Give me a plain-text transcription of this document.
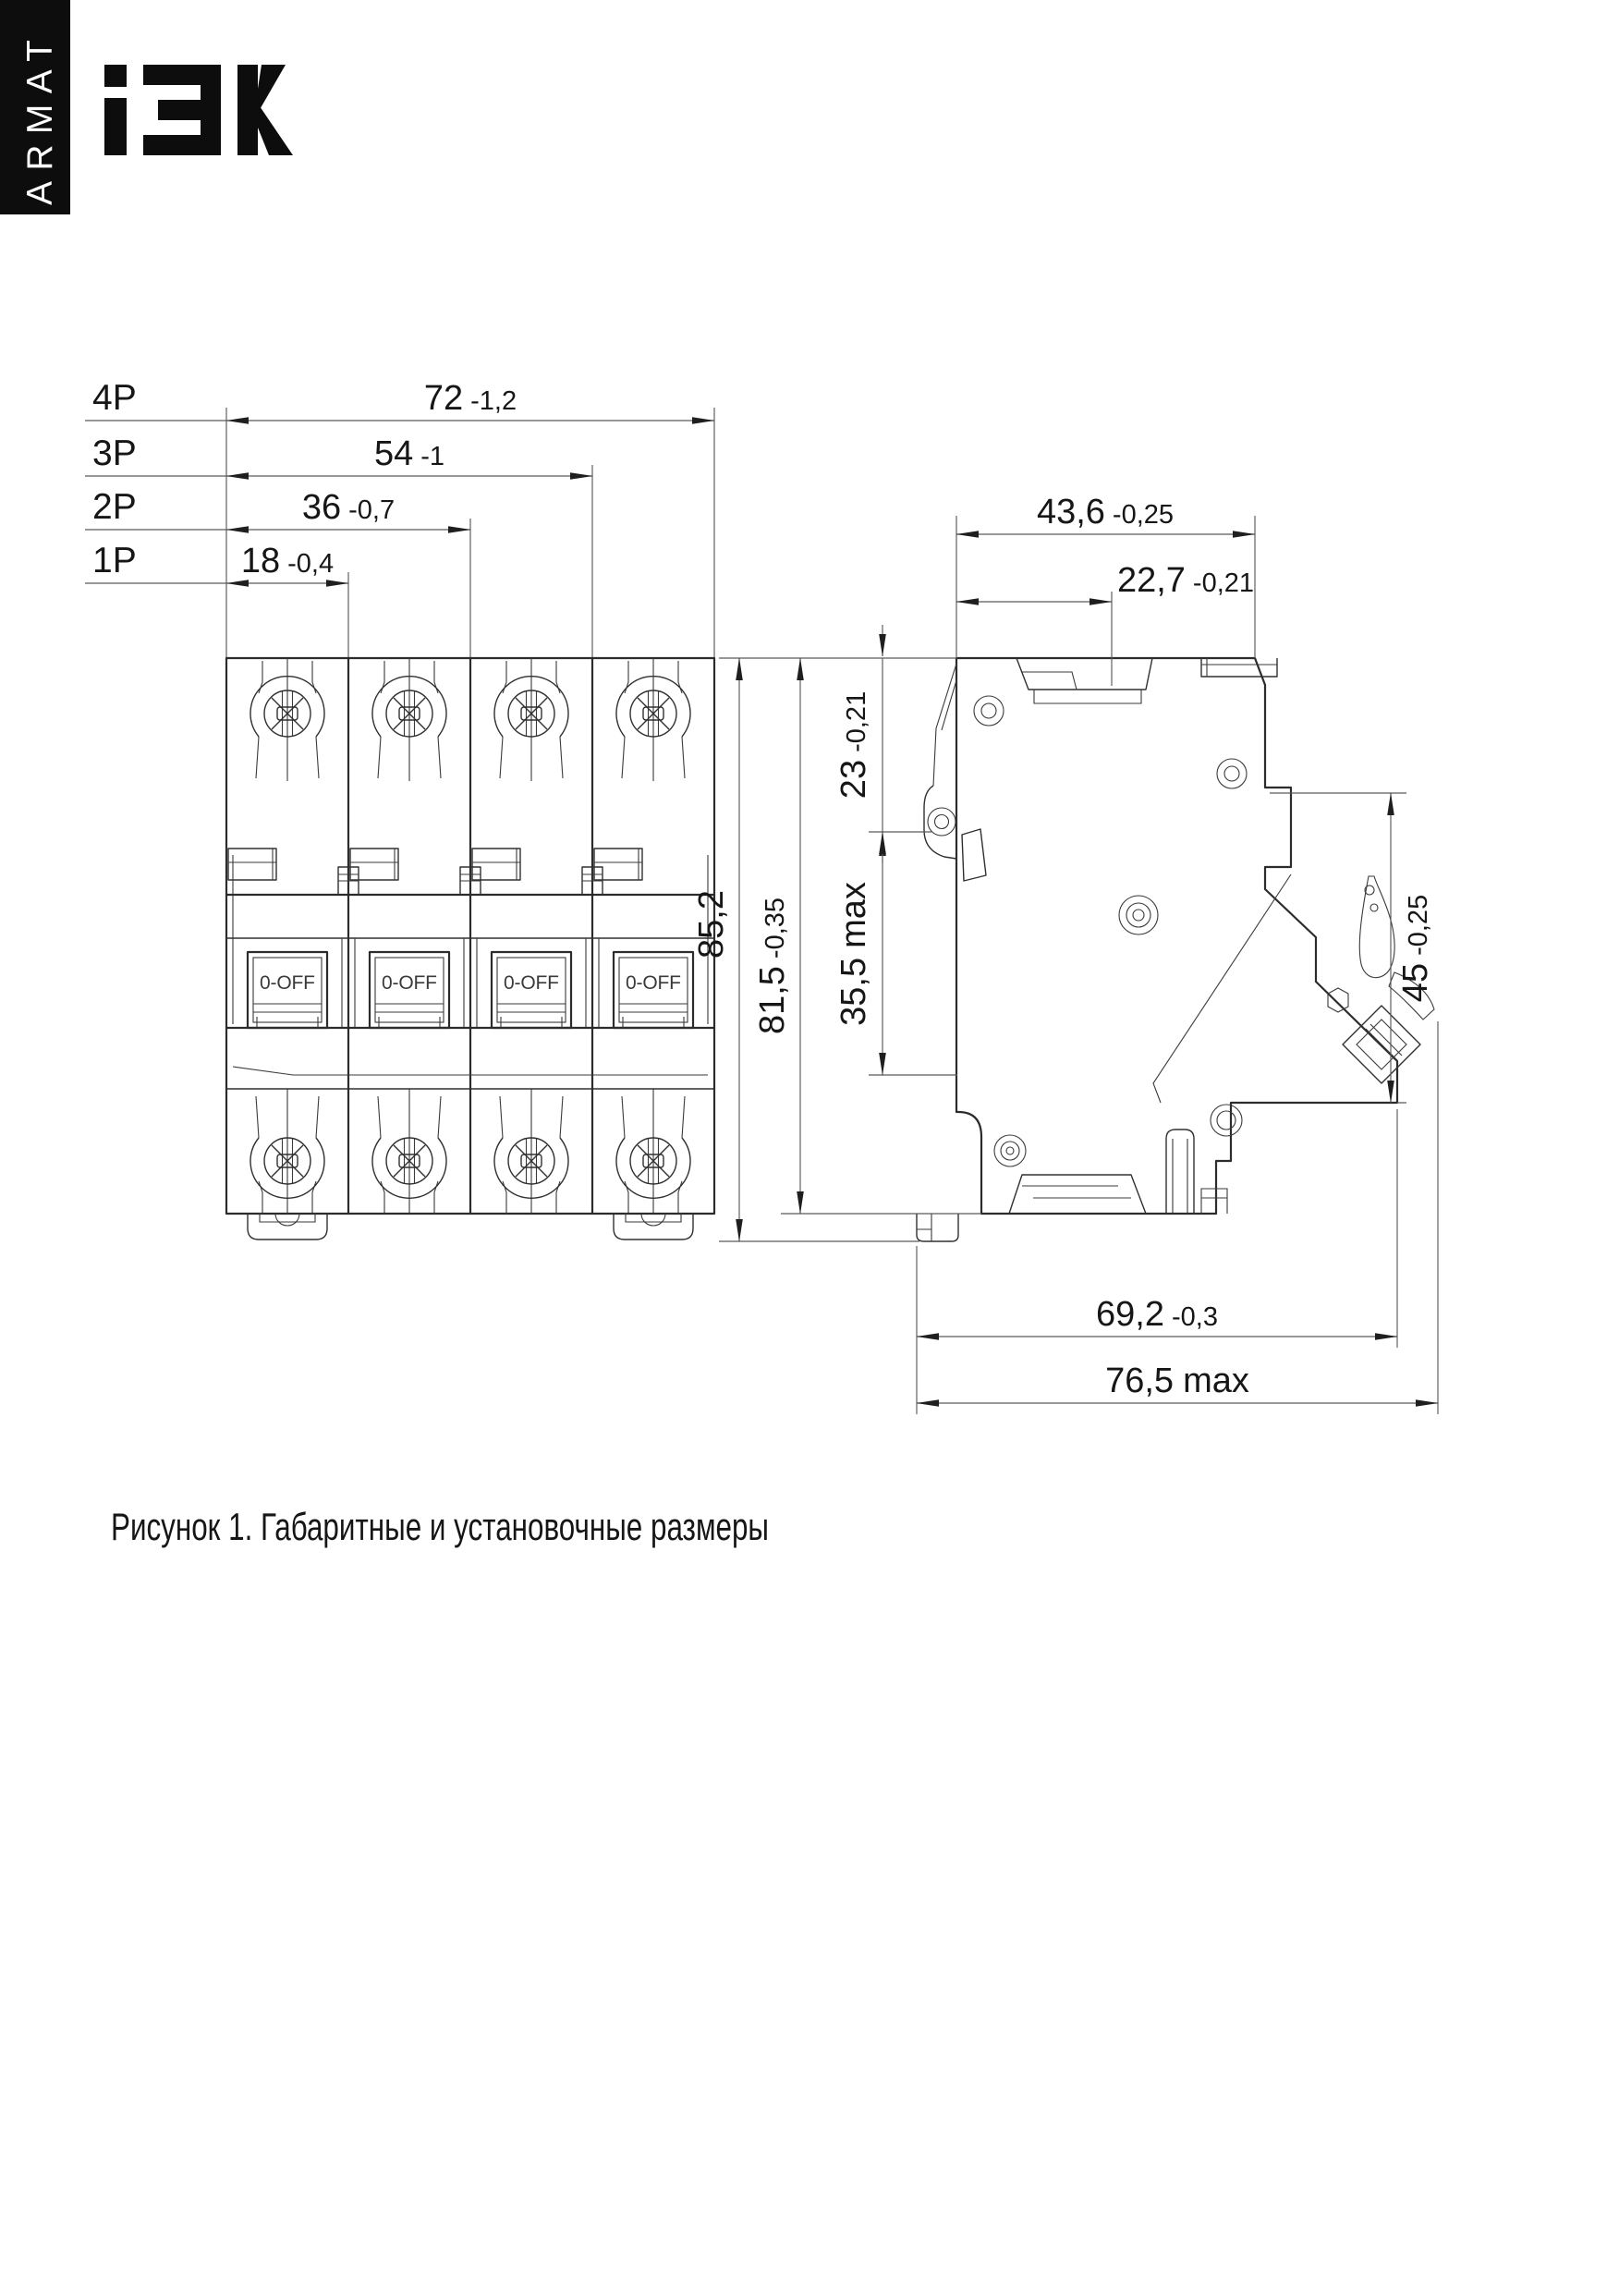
ARMAT
4P	72 -1,2
3P	54 -1
2P	36 -0,7
1P	18 -0,4
0-OFF	0-OFF	0-OFF	0-OFF
43,6 -0,25
22,7 -0,21
23-0,21
35,5max
81,5-0,35
85,2
45-0,25
69,2 -0,3
76,5 max
Рисунок 1. Габаритные и установочные размеры
